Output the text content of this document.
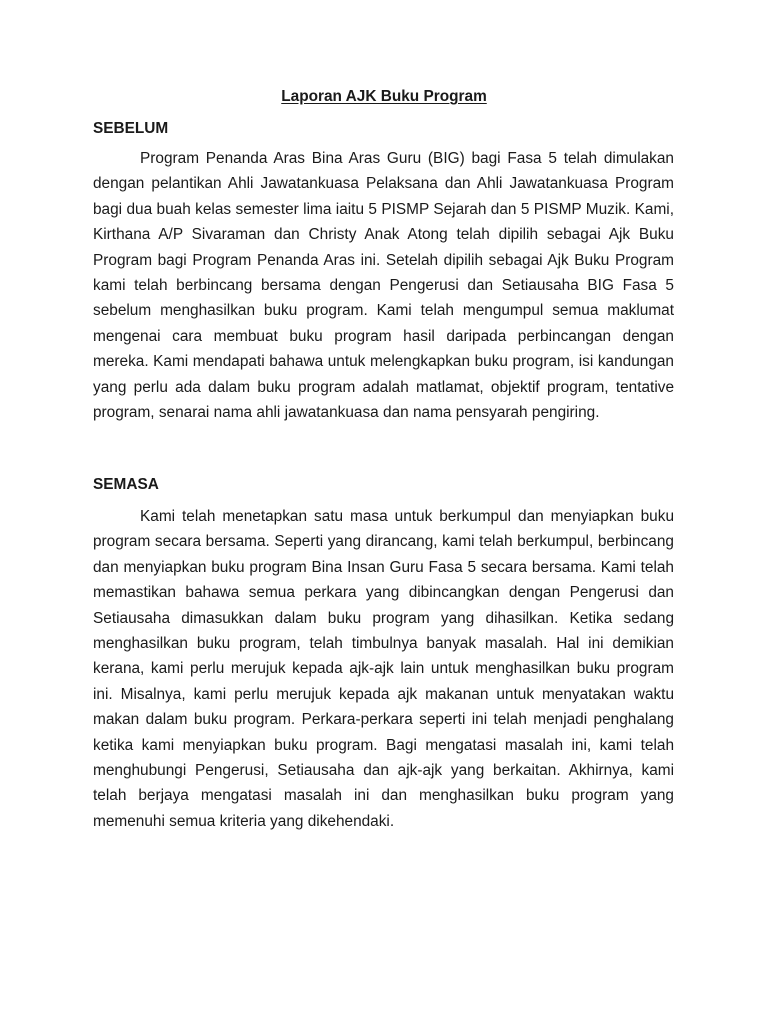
Laporan AJK Buku Program
SEBELUM

Program Penanda Aras Bina Aras Guru (BIG) bagi Fasa 5 telah dimulakan dengan pelantikan Ahli Jawatankuasa Pelaksana dan Ahli Jawatankuasa Program bagi dua buah kelas semester lima iaitu 5 PISMP Sejarah dan 5 PISMP Muzik. Kami, Kirthana A/P Sivaraman dan Christy Anak Atong telah dipilih sebagai Ajk Buku Program bagi Program Penanda Aras ini. Setelah dipilih sebagai Ajk Buku Program kami telah berbincang bersama dengan Pengerusi dan Setiausaha BIG Fasa 5 sebelum menghasilkan buku program. Kami telah mengumpul semua maklumat mengenai cara membuat buku program hasil daripada perbincangan dengan mereka. Kami mendapati bahawa untuk melengkapkan buku program, isi kandungan yang perlu ada dalam buku program adalah matlamat, objektif program, tentative program, senarai nama ahli jawatankuasa dan nama pensyarah pengiring.

SEMASA

Kami telah menetapkan satu masa untuk berkumpul dan menyiapkan buku program secara bersama. Seperti yang dirancang, kami telah berkumpul, berbincang dan menyiapkan buku program Bina Insan Guru Fasa 5 secara bersama. Kami telah memastikan bahawa semua perkara yang dibincangkan dengan Pengerusi dan Setiausaha dimasukkan dalam buku program yang dihasilkan. Ketika sedang menghasilkan buku program, telah timbulnya banyak masalah. Hal ini demikian kerana, kami perlu merujuk kepada ajk-ajk lain untuk menghasilkan buku program ini. Misalnya, kami perlu merujuk kepada ajk makanan untuk menyatakan waktu makan dalam buku program. Perkara-perkara seperti ini telah menjadi penghalang ketika kami menyiapkan buku program. Bagi mengatasi masalah ini, kami telah menghubungi Pengerusi, Setiausaha dan ajk-ajk yang berkaitan. Akhirnya, kami telah berjaya mengatasi masalah ini dan menghasilkan buku program yang memenuhi semua kriteria yang dikehendaki.
